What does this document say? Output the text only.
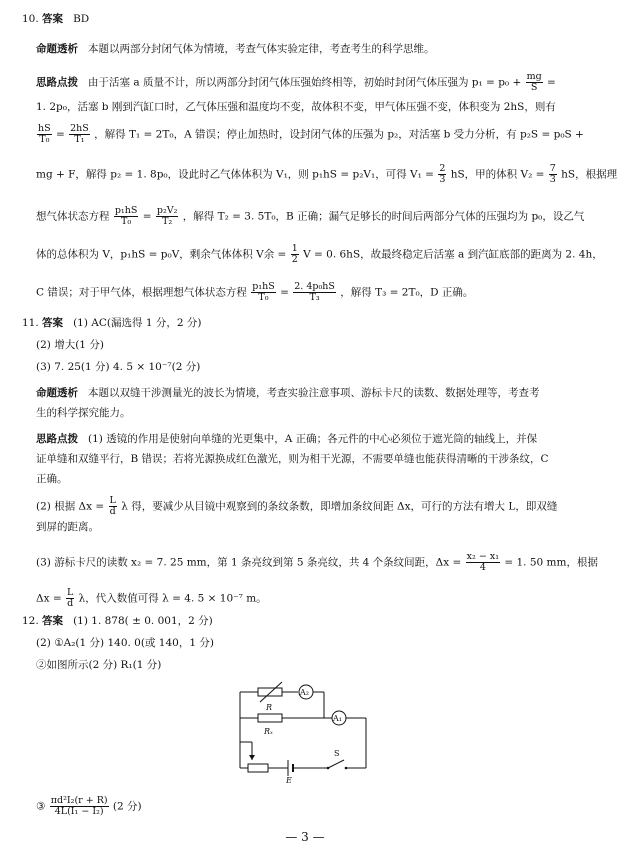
10. 答案 BD
命题透析 本题以两部分封闭气体为情境，考查气体实验定律，考查考生的科学思维。
思路点拨 由于活塞 a 质量不计，所以两部分封闭气体压强始终相等，初始时封闭气体压强为 $p_1 = p_0 + \frac{mg}{S}$ =
1. 2p₀，活塞 b 刚到汽缸口时，乙气体压强和温度均不变，故体积不变，甲气体压强不变，体积变为 2hS，则有
$\frac{hS}{\text{T₀}} = \frac{2hS}{\text{T₁}}$ ，解得 T₁ = 2T₀，A 错误；停止加热时，设封闭气体的压强为 p₂，对活塞 b 受力分析，有 p₂S = p₀S +
mg + F，解得 p₂ = 1. 8p₀，设此时乙气体体积为 V₁，则 p₁hS = p₂V₁，可得 $V_1 = \frac{2}{3}$ hS，甲的体积 $V_2 = \frac{7}{3}$ hS，根据理
想气体状态方程 $\frac{\text{p₁hS}}{\text{T₀}} = \frac{\text{p₂V₂}}{\text{T₂}}$ ，解得 T₂ = 3. 5T₀，B 正确；漏气足够长的时间后两部分气体的压强均为 p₀，设乙气
体的总体积为 V，p₁hS = p₀V，剩余气体体积 V余 = $\frac{1}{2}$ V = 0. 6hS，故最终稳定后活塞 a 到汽缸底部的距离为 2. 4h，
C 错误；对于甲气体，根据理想气体状态方程 $\frac{\text{p₁hS}}{\text{T₀}} = \frac{\text{2. 4p₀hS}}{\text{T₃}}$ ，解得 T₃ = 2T₀，D 正确。
11. 答案 (1) AC(漏选得 1 分，2 分)
(2) 增大(1 分)
(3) 7. 25(1 分) 4. 5 × 10⁻⁷(2 分)
命题透析 本题以双缝干涉测量光的波长为情境，考查实验注意事项、游标卡尺的读数、数据处理等，考查考
生的科学探究能力。
思路点拨 (1) 透镜的作用是使射向单缝的光更集中，A 正确；各元件的中心必须位于遮光筒的轴线上，并保
证单缝和双缝平行，B 错误；若将光源换成红色激光，则为相干光源，不需要单缝也能获得清晰的干涉条纹，C
正确。
(2) 根据 $\Delta x = \frac{L}{d}$ λ 得，要减少从目镜中观察到的条纹条数，即增加条纹间距 Δx，可行的方法有增大 L，即双缝
到屏的距离。
(3) 游标卡尺的读数 x₂ = 7. 25 mm，第 1 条亮纹到第 5 条亮纹，共 4 个条纹间距，$\Delta x = \frac{\text{x₂ − x₁}}{4} = 1$. 50 mm，根据
$\Delta x = \frac{L}{d}$ λ，代入数值可得 λ = 4. 5 × 10⁻⁷ m。
12. 答案 (1) 1. 878( ± 0. 001，2 分)
(2) ①A₂(1 分) 140. 0(或 140，1 分)
②如图所示(2 分) R₁(1 分)
A₂
A₁
R
Rₓ
E
S
③ $\frac{\text{πd²I₂(r + R)}}{\text{4L(I₁ − I₂)}} (2$ 分)
— 3 —
